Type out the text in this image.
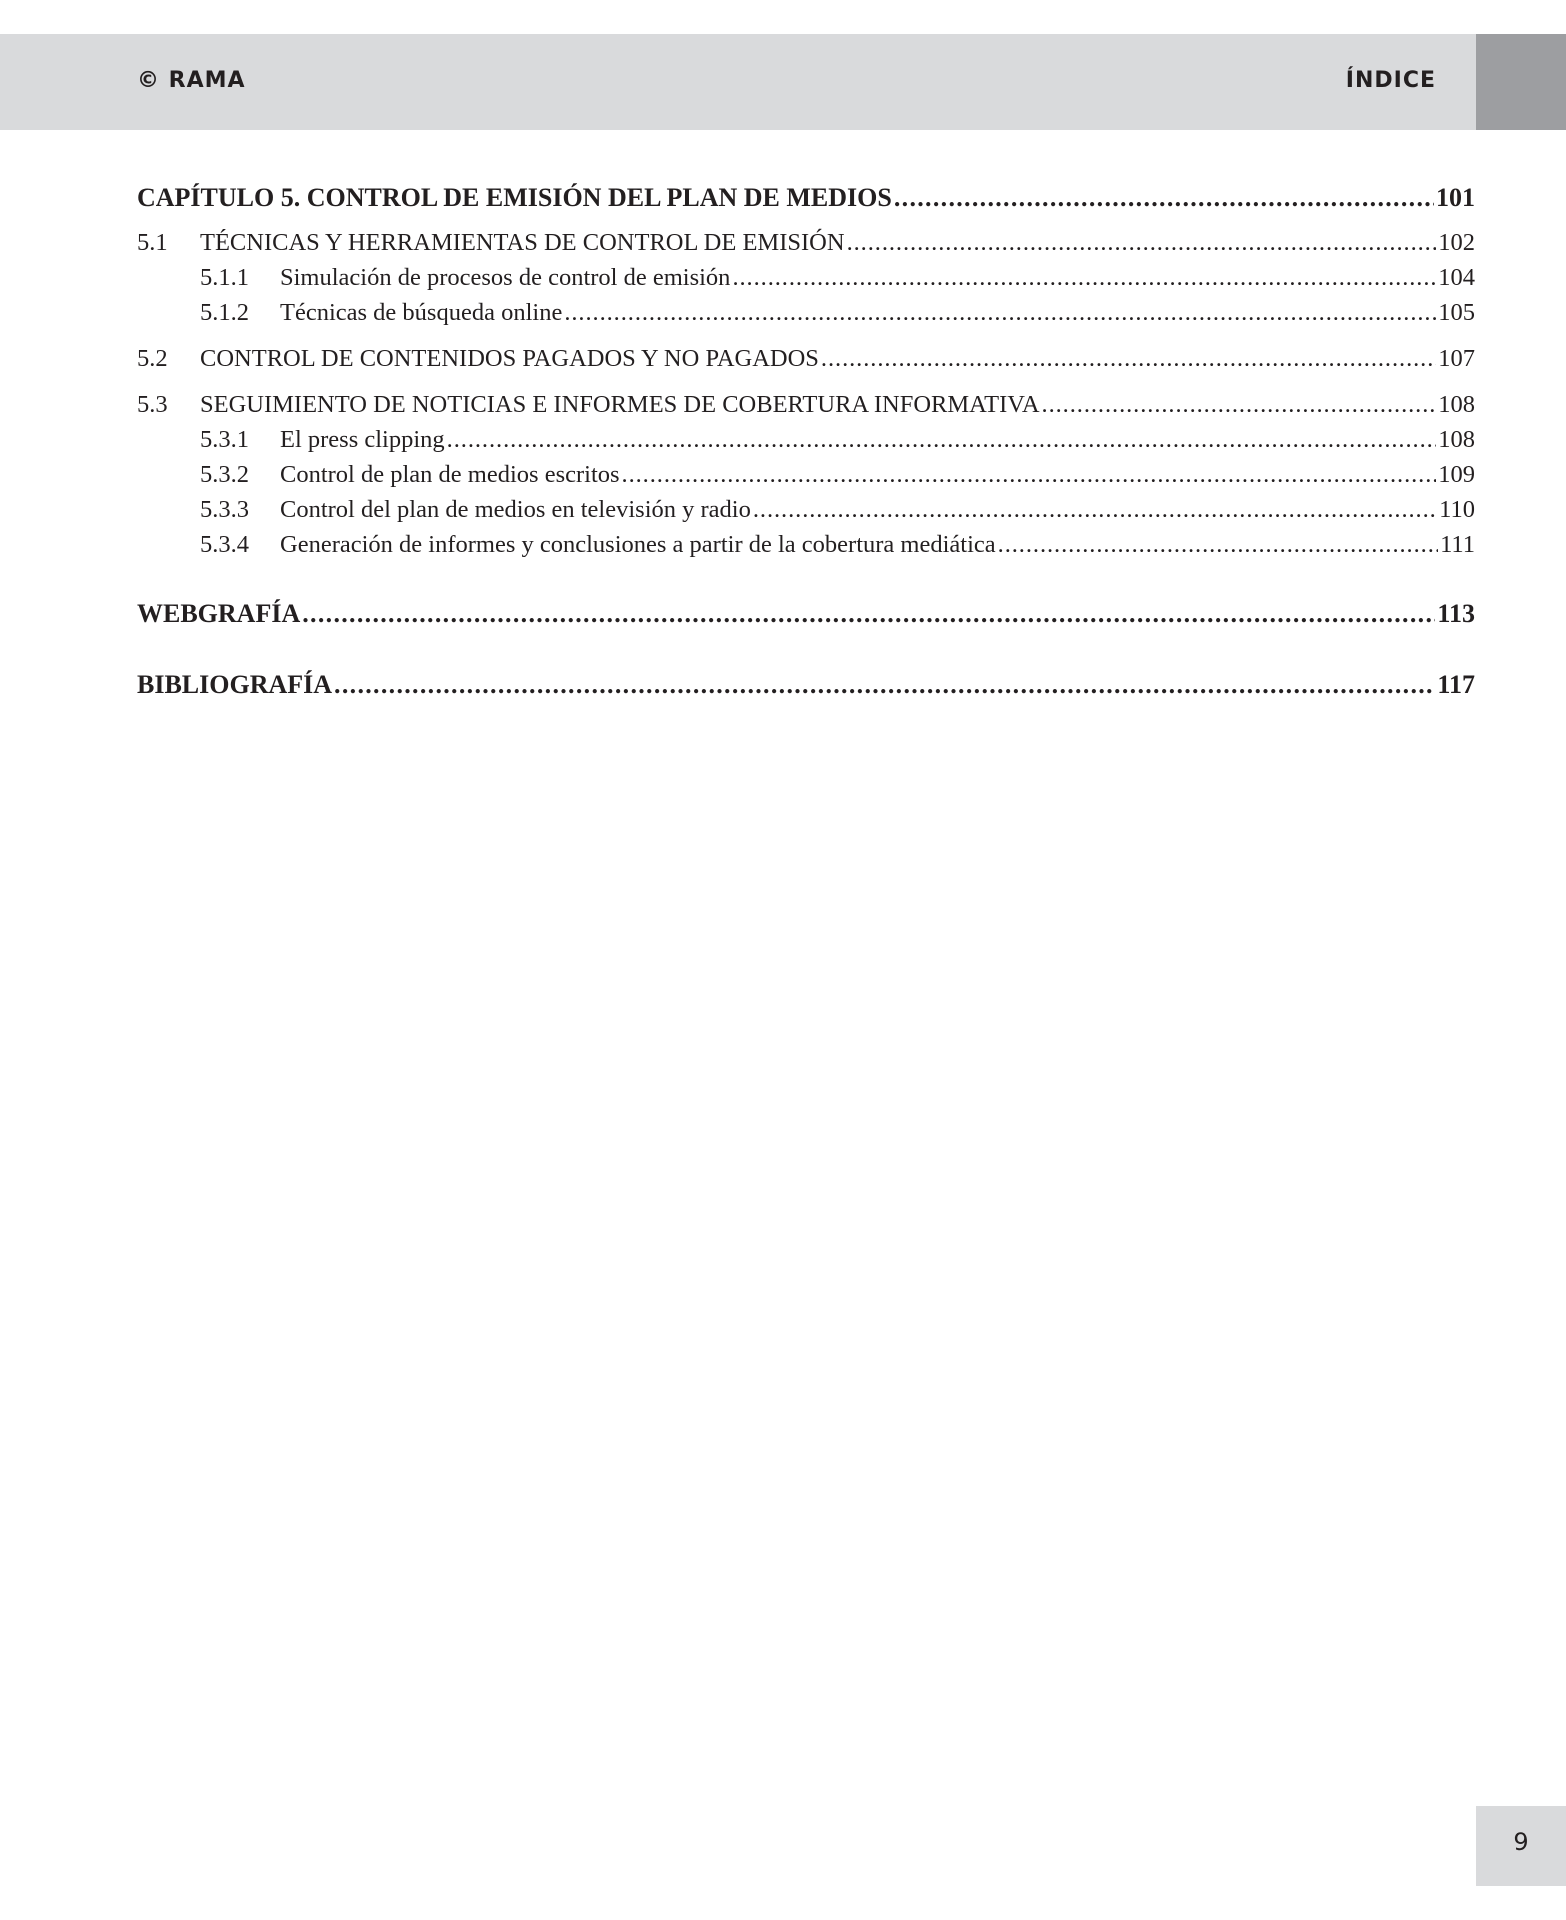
© RAMA	ÍNDICE
CAPÍTULO 5. CONTROL DE EMISIÓN DEL PLAN DE MEDIOS . . .	101
5.1	TÉCNICAS Y HERRAMIENTAS DE CONTROL DE EMISIÓN . . .	102
5.1.1	Simulación de procesos de control de emisión . . .	104
5.1.2	Técnicas de búsqueda online . . .	105
5.2	CONTROL DE CONTENIDOS PAGADOS Y NO PAGADOS . . .	107
5.3	SEGUIMIENTO DE NOTICIAS E INFORMES DE COBERTURA INFORMATIVA . . .	108
5.3.1	El press clipping . . .	108
5.3.2	Control de plan de medios escritos . . .	109
5.3.3	Control del plan de medios en televisión y radio . . .	110
5.3.4	Generación de informes y conclusiones a partir de la cobertura mediática . . .	111
WEBGRAFÍA . . .	113
BIBLIOGRAFÍA . . .	117
9
